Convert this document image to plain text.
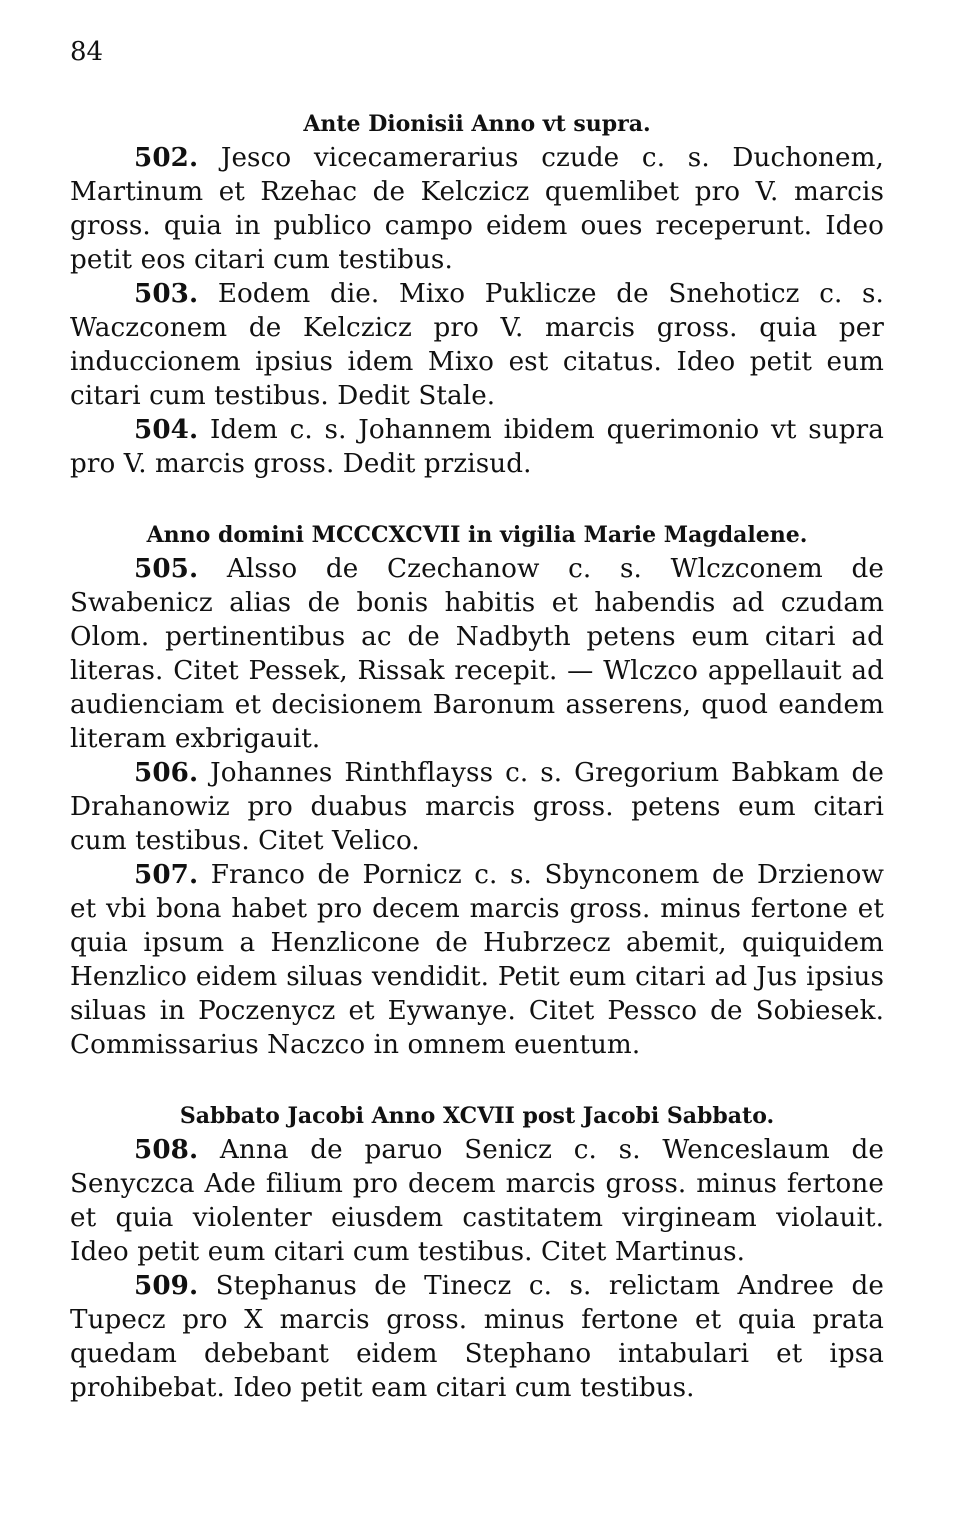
84

Ante Dionisii Anno vt supra.

502. Jesco vicecamerarius czude c. s. Duchonem, Martinum et Rzehac de Kelczicz quemlibet pro V. marcis gross. quia in publico campo eidem oues receperunt. Ideo petit eos citari cum testibus.

503. Eodem die. Mixo Puklicze de Snehoticz c. s. Waczconem de Kelczicz pro V. marcis gross. quia per induccionem ipsius idem Mixo est citatus. Ideo petit eum citari cum testibus. Dedit Stale.

504. Idem c. s. Johannem ibidem querimonio vt supra pro V. marcis gross. Dedit przisud.

Anno domini MCCCXCVII in vigilia Marie Magdalene.

505. Alsso de Czechanow c. s. Wlczconem de Swabenicz alias de bonis habitis et habendis ad czudam Olom. pertinentibus ac de Nadbyth petens eum citari ad literas. Citet Pessek, Rissak recepit. — Wlczco appellauit ad audienciam et decisionem Baronum asserens, quod eandem literam exbrigauit.

506. Johannes Rinthflayss c. s. Gregorium Babkam de Drahanowiz pro duabus marcis gross. petens eum citari cum testibus. Citet Velico.

507. Franco de Pornicz c. s. Sbynconem de Drzienow et vbi bona habet pro decem marcis gross. minus fertone et quia ipsum a Henzlicone de Hubrzecz abemit, quiquidem Henzlico eidem siluas vendidit. Petit eum citari ad Jus ipsius siluas in Poczenycz et Eywanye. Citet Pessco de Sobiesek. Commissarius Naczco in omnem euentum.

Sabbato Jacobi Anno XCVII post Jacobi Sabbato.

508. Anna de paruo Senicz c. s. Wenceslaum de Senyczca Ade filium pro decem marcis gross. minus fertone et quia violenter eiusdem castitatem virgineam violauit. Ideo petit eum citari cum testibus. Citet Martinus.

509. Stephanus de Tinecz c. s. relictam Andree de Tupecz pro X marcis gross. minus fertone et quia prata quedam debebant eidem Stephano intabulari et ipsa prohibebat. Ideo petit eam citari cum testibus.
